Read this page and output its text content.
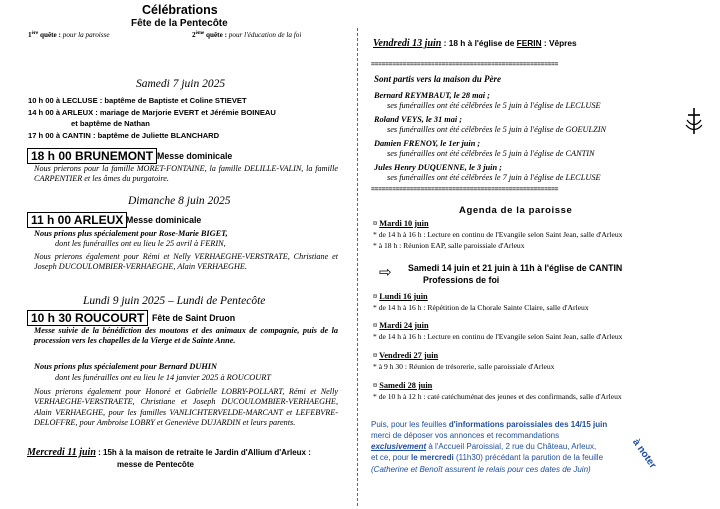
Célébrations
Fête de la Pentecôte
1ère quête : pour la paroisse	2ème quête : pour l'éducation de la foi
Samedi 7 juin 2025
10 h 00 à LECLUSE : baptême de Baptiste et Coline STIEVET
14 h 00 à ARLEUX : mariage de Marjorie EVERT et Jérémie BOINEAU
et baptême de Nathan
17 h 00 à CANTIN : baptême de Juliette BLANCHARD
18 h 00 BRUNEMONT Messe dominicale
Nous prierons pour la famille MORET-FONTAINE, la famille DELILLE-VALIN, la famille CARPENTIER et les âmes du purgatoire.
Dimanche 8 juin 2025
11 h 00 ARLEUX Messe dominicale
Nous prions plus spécialement pour Rose-Marie BIGET,
dont les funérailles ont eu lieu le 25 avril à FERIN,
Nous prierons également pour Rémi et Nelly VERHAEGHE-VERSTRATE, Christiane et Joseph DUCOULOMBIER-VERHAEGHE, Alain VERHAEGHE.
Lundi 9 juin 2025 – Lundi de Pentecôte
10 h 30 ROUCOURT Fête de Saint Druon
Messe suivie de la bénédiction des moutons et des animaux de compagnie, puis de la procession vers les chapelles de la Vierge et de Sainte Anne.
Nous prions plus spécialement pour Bernard DUHIN
dont les funérailles ont eu lieu le 14 janvier 2025 à ROUCOURT
Nous prierons également pour Honoré et Gabrielle LOBRY-POLLART, Rémi et Nelly VERHAEGHE-VERSTRAETE, Christiane et Joseph DUCOULOMBIER-VERHAEGHE, Alain VERHAEGHE, pour les familles VANLICHTERVELDE-MARCANT et LEFEBVRE-DELOFFRE, pour Ambroise LOBRY et Geneviève DUJARDIN et leurs parents.
Mercredi 11 juin : 15h à la maison de retraite le Jardin d'Allium d'Arleux :
messe de Pentecôte
Vendredi 13 juin : 18 h à l'église de FERIN : Vêpres
=====================================================
Sont partis vers la maison du Père
Bernard REYMBAUT, le 28 mai ;
ses funérailles ont été célébrées le 5 juin à l'église de LECLUSE
Roland VEYS, le 31 mai ;
ses funérailles ont été célébrées le 5 juin à l'église de GOEULZIN
Damien FRENOY, le 1er juin ;
ses funérailles ont été célébrées le 5 juin à l'église de CANTIN
Jules Henry DUQUENNE, le 3 juin ;
ses funérailles ont été célébrées le 7 juin à l'église de LECLUSE
=====================================================
Agenda de la paroisse
¤ Mardi 10 juin
* de 14 h à 16 h : Lecture en continu de l'Evangile selon Saint Jean, salle d'Arleux
* à 18 h : Réunion EAP, salle paroissiale d'Arleux
⇨ Samedi 14 juin et 21 juin à 11h à l'église de CANTIN
Professions de foi
¤ Lundi 16 juin
* de 14 h à 16 h : Répétition de la Chorale Sainte Claire, salle d'Arleux
¤ Mardi 24 juin
* de 14 h à 16 h : Lecture en continu de l'Evangile selon Saint Jean, salle d'Arleux
¤ Vendredi 27 juin
* à 9 h 30 : Réunion de trésorerie, salle paroissiale d'Arleux
¤ Samedi 28 juin
* de 10 h à 12 h : caté catéchuménat des jeunes et des confirmands, salle d'Arleux
Puis, pour les feuilles d'informations paroissiales des 14/15 juin
merci de déposer vos annonces et recommandations
exclusivement à l'Accueil Paroissial, 2 rue du Château, Arleux,
et ce, pour le mercredi (11h30) précédant la parution de la feuille
(Catherine et Benoît assurent le relais pour ces dates de Juin)	à noter
